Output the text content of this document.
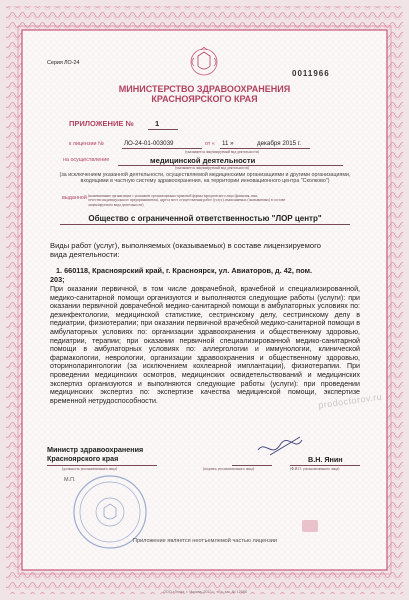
Серия ЛО-24
0011966
МИНИСТЕРСТВО ЗДРАВООХРАНЕНИЯ
КРАСНОЯРСКОГО КРАЯ
ПРИЛОЖЕНИЕ №	1
к лицензии №	ЛО-24-01-003039	от « 11 »	декабря 2015 г.
(указывается лицензируемый вид деятельности)
на осуществление	медицинской деятельности
(указывается лицензируемый вид деятельности)
(за исключением указанной деятельности, осуществляемой медицинскими организациями и другими организациями,
входящими в частную систему здравоохранения, на территории инновационного центра "Сколково")
выданной (наименование организации с указанием организационно-правовой формы юридического лица (фамилия, имя,
отчество индивидуального предпринимателя), адреса мест осуществления работ (услуг), выполняемых (оказываемых) в составе
лицензируемого вида деятельности)
Общество с ограниченной ответственностью "ЛОР центр"

Виды работ (услуг), выполняемых (оказываемых) в составе лицензируемого

вида деятельности:

1. 660118, Красноярский край, г. Красноярск, ул. Авиаторов, д. 42, пом.
203;

При оказании первичной, в том числе доврачебной, врачебной и специализированной, медико-санитарной помощи организуются и выполняются следующие работы (услуги): при оказании первичной доврачебной медико-санитарной помощи в амбулаторных условиях по: дезинфектологии, медицинской статистике, сестринскому делу, сестринскому делу в педиатрии, физиотерапии; при оказании первичной врачебной медико-санитарной помощи в амбулаторных условиях по: организации здравоохранения и общественному здоровью, педиатрии, терапии; при оказании первичной специализированной медико-санитарной помощи в амбулаторных условиях по: аллергологии и иммунологии, клинической фармакологии, неврологии, организации здравоохранения и общественному здоровью, оториноларингологии (за исключением кохлеарной имплантации), физиотерапии. При проведении медицинских осмотров, медицинских освидетельствований и медицинских экспертиз организуются и выполняются следующие работы (услуги): при проведении медицинских экспертиз по: экспертизе качества медицинской помощи, экспертизе временной нетрудоспособности.

Министр здравоохранения
Красноярского края
(должность уполномоченного лица)	(подпись уполномоченного лица)
В.Н. Янин
(Ф.И.О. уполномоченного лица)
М.П.
Приложение является неотъемлемой частью лицензии
ООО «Знак», г. Москва, 2012 г., «Б», зак. № 12085
prodoctorov.ru
